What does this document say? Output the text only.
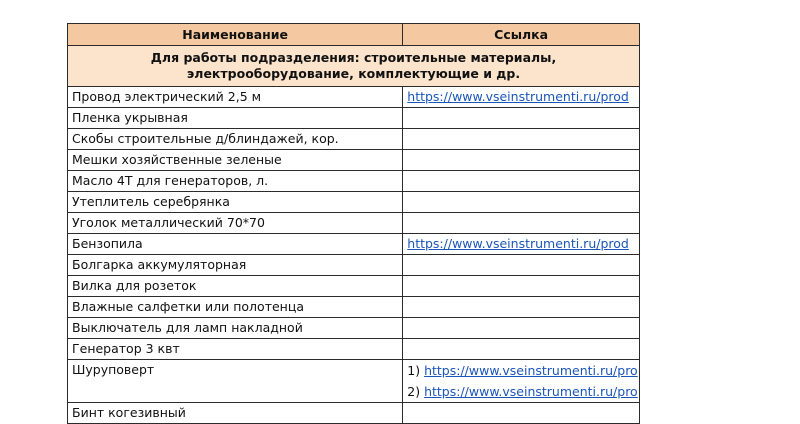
Наименование	Ссылка
Для работы подразделения: строительные материалы, электрооборудование, комплектующие и др.	
Провод электрический 2,5 м	https://www.vseinstrumenti.ru/prod
Пленка укрывная	
Скобы строительные д/блиндажей, кор.	
Мешки хозяйственные зеленые	
Масло 4Т для генераторов, л.	
Утеплитель серебрянка	
Уголок металлический 70*70	
Бензопила	https://www.vseinstrumenti.ru/prod
Болгарка аккумуляторная	
Вилка для розеток	
Влажные салфетки или полотенца	
Выключатель для ламп накладной	
Генератор 3 квт	
Шуруповерт	1) https://www.vseinstrumenti.ru/pro
2) https://www.vseinstrumenti.ru/pro

Бинт когезивный	
